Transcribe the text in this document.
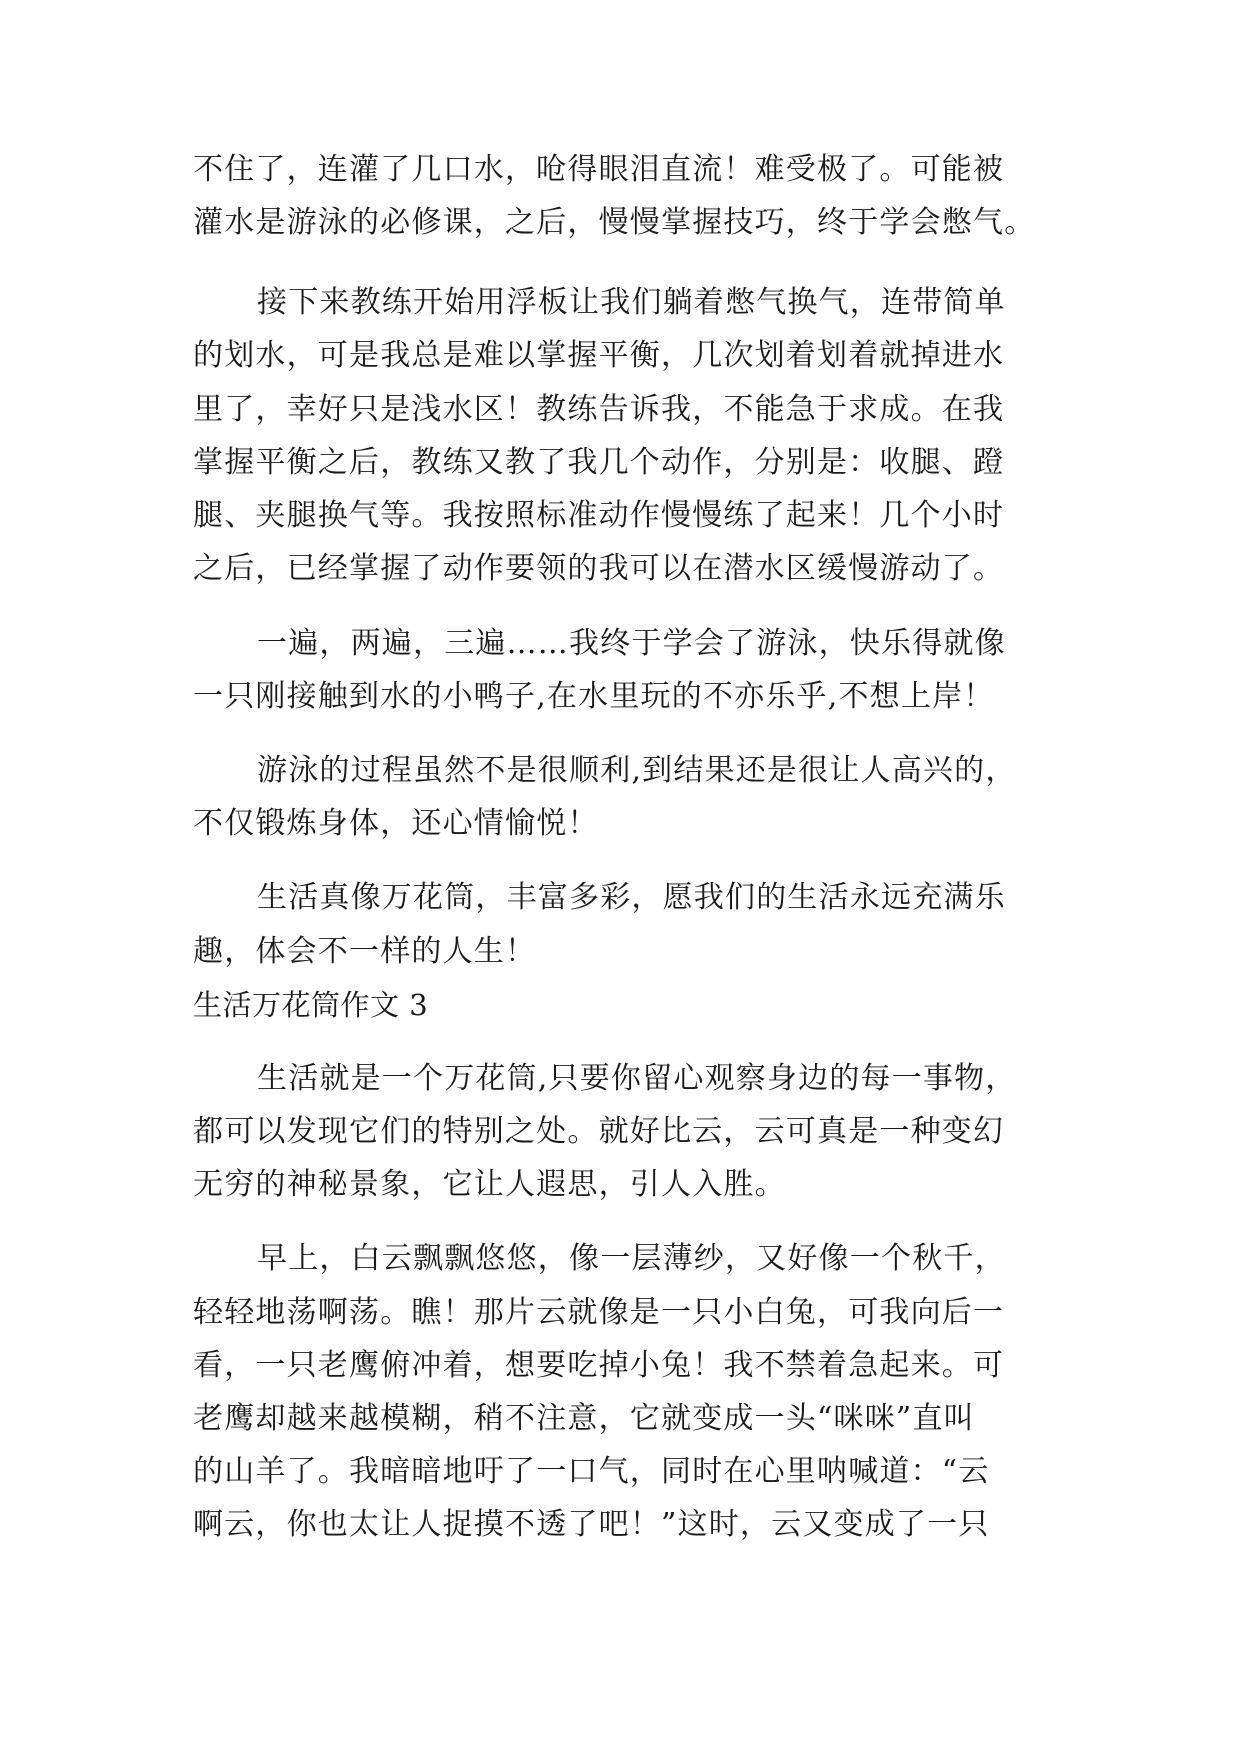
不住了，连灌了几口水，呛得眼泪直流！难受极了。可能被
灌水是游泳的必修课，之后，慢慢掌握技巧，终于学会憋气。
接下来教练开始用浮板让我们躺着憋气换气，连带简单
的划水，可是我总是难以掌握平衡，几次划着划着就掉进水
里了，幸好只是浅水区！教练告诉我，不能急于求成。在我
掌握平衡之后，教练又教了我几个动作，分别是：收腿、蹬
腿、夹腿换气等。我按照标准动作慢慢练了起来！几个小时
之后，已经掌握了动作要领的我可以在潜水区缓慢游动了。
一遍，两遍，三遍……我终于学会了游泳，快乐得就像
一只刚接触到水的小鸭子,在水里玩的不亦乐乎,不想上岸！
游泳的过程虽然不是很顺利,到结果还是很让人高兴的，
不仅锻炼身体，还心情愉悦！
生活真像万花筒，丰富多彩，愿我们的生活永远充满乐
趣，体会不一样的人生！
生活万花筒作文 3
生活就是一个万花筒,只要你留心观察身边的每一事物，
都可以发现它们的特别之处。就好比云，云可真是一种变幻
无穷的神秘景象，它让人遐思，引人入胜。
早上，白云飘飘悠悠，像一层薄纱，又好像一个秋千，
轻轻地荡啊荡。瞧！那片云就像是一只小白兔，可我向后一
看，一只老鹰俯冲着，想要吃掉小兔！我不禁着急起来。可
老鹰却越来越模糊，稍不注意，它就变成一头“咪咪”直叫
的山羊了。我暗暗地吁了一口气，同时在心里呐喊道：“云
啊云，你也太让人捉摸不透了吧！”这时，云又变成了一只
